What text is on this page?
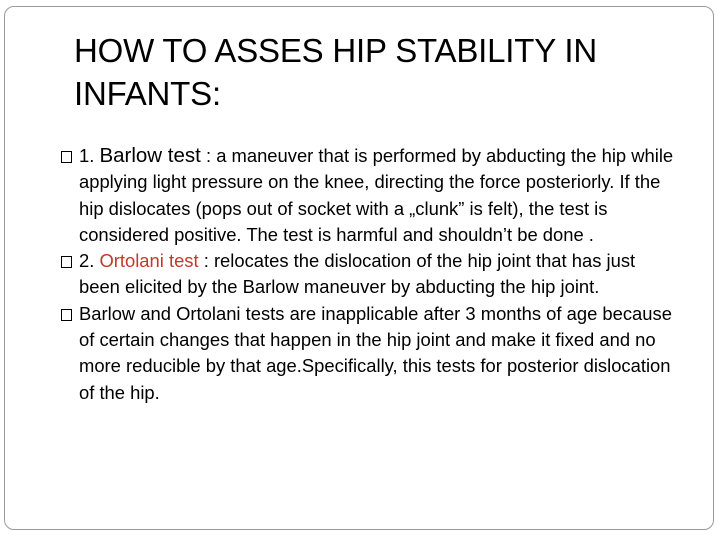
HOW TO ASSES HIP STABILITY IN INFANTS:
1. Barlow test : a maneuver that is performed by abducting the hip while applying light pressure on the knee, directing the force posteriorly. If the hip dislocates (pops out of socket with a „clunk” is felt), the test is considered positive. The test is harmful and shouldn’t be done .
2. Ortolani test : relocates the dislocation of the hip joint that has just been elicited by the Barlow maneuver by abducting the hip joint.
Barlow and Ortolani tests are inapplicable after 3 months of age because of certain changes that happen in the hip joint and make it fixed and no more reducible by that age.Specifically, this tests for posterior dislocation of the hip.
